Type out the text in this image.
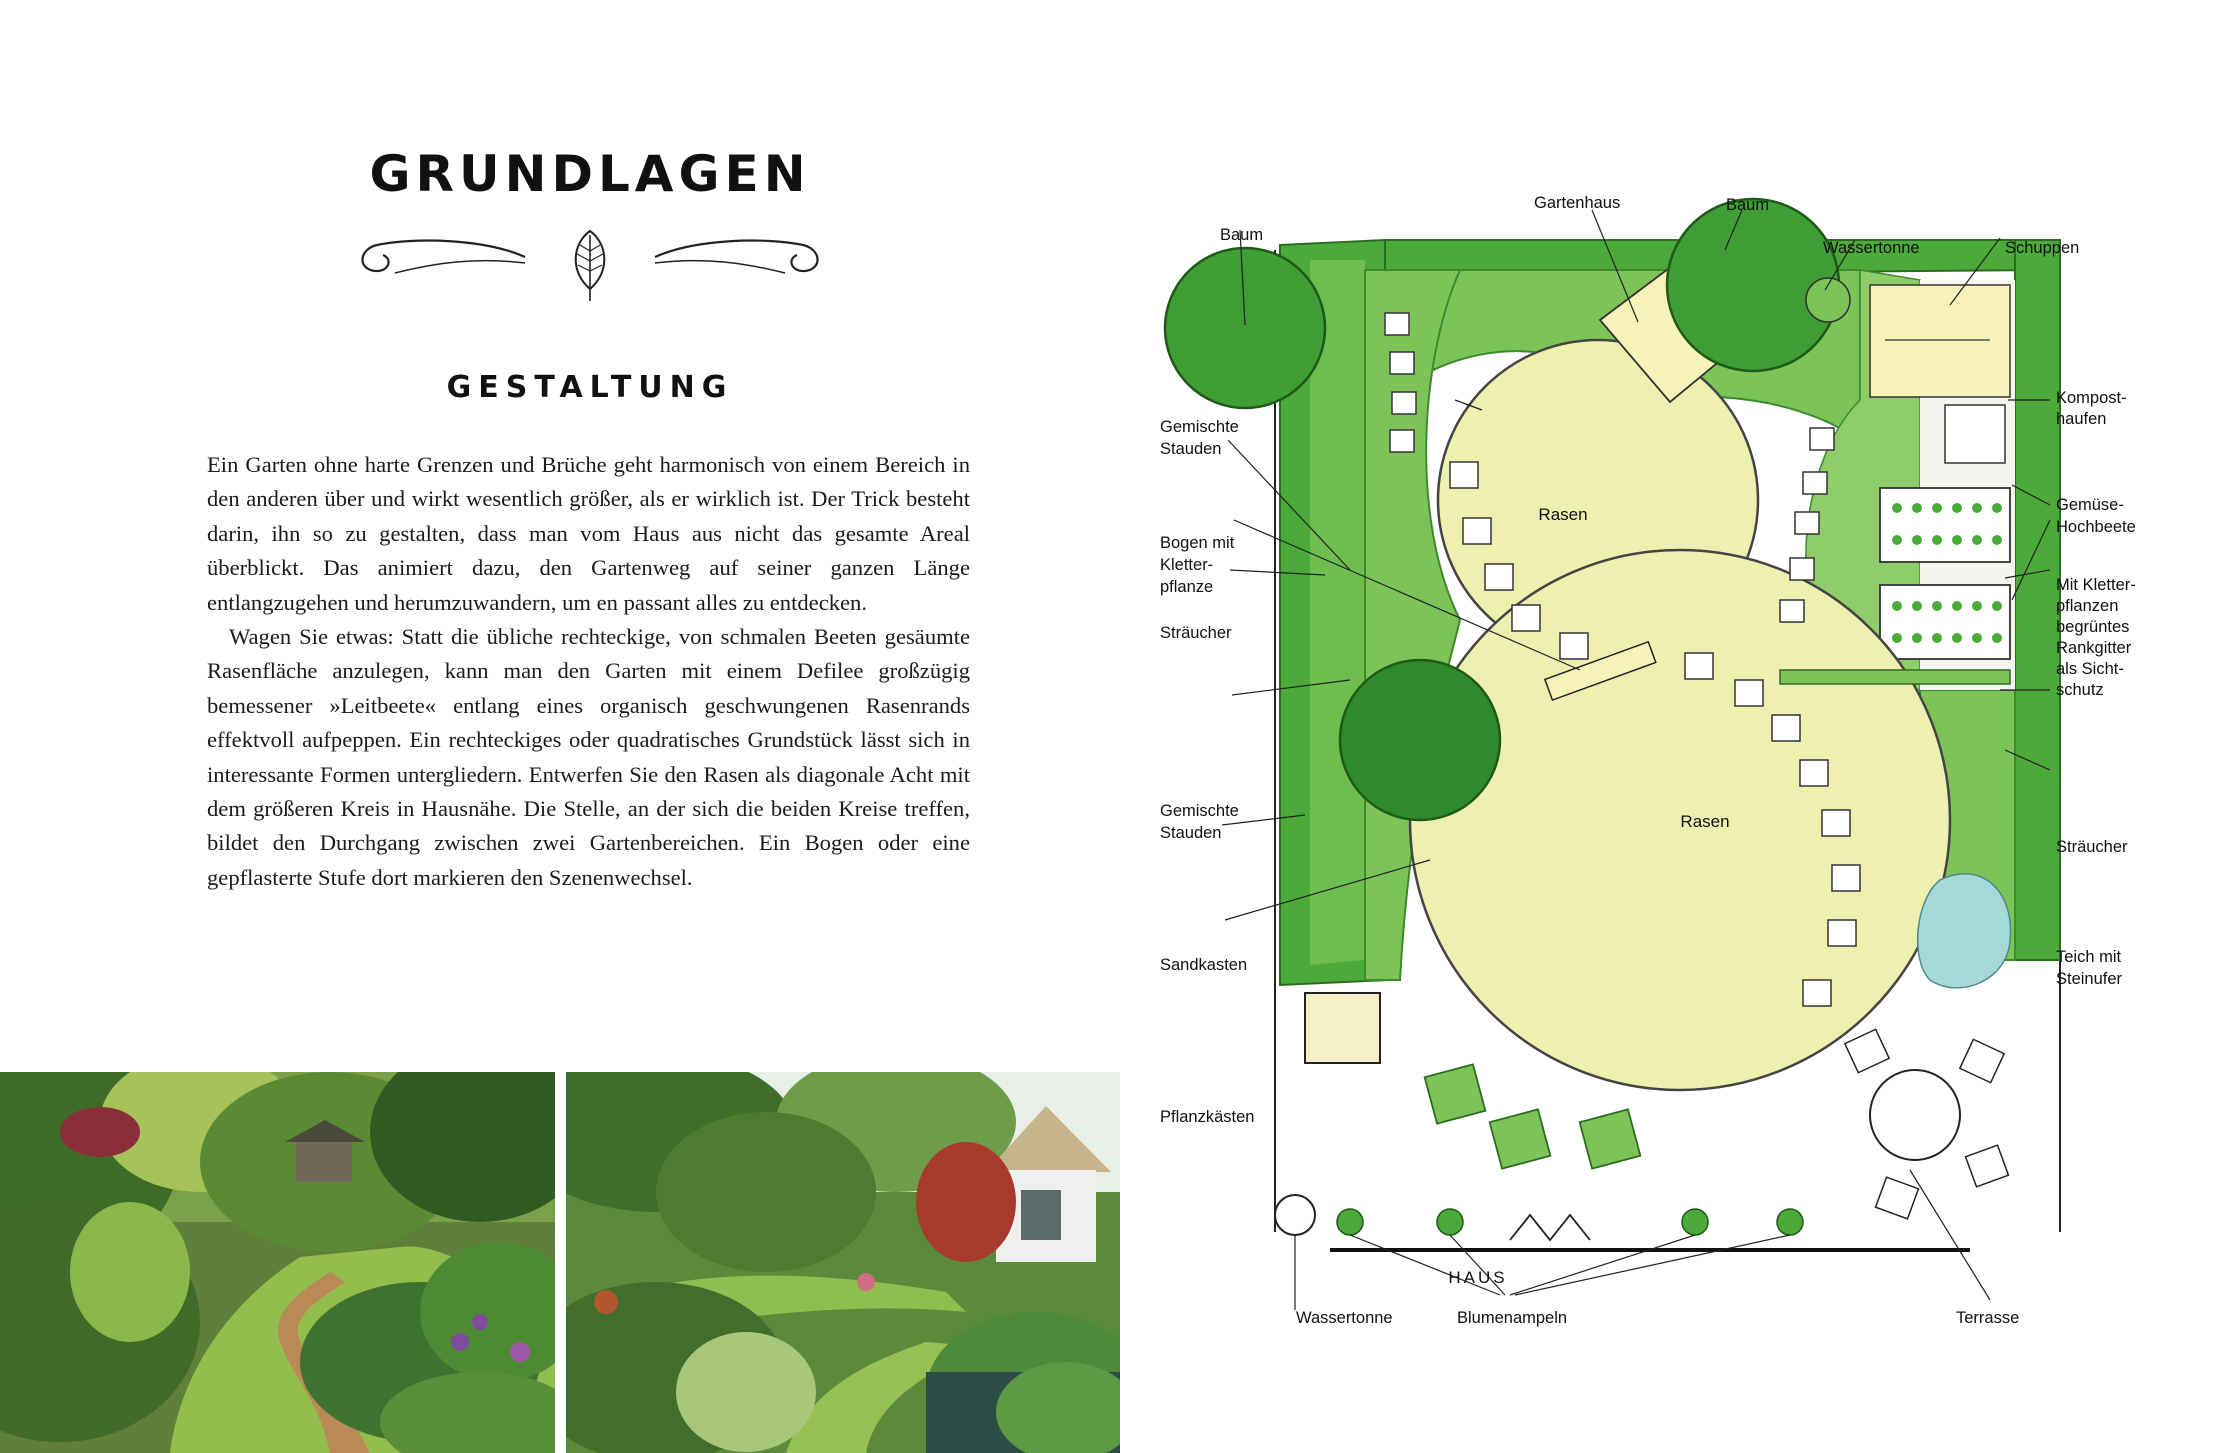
GRUNDLAGEN
GESTALTUNG

Ein Garten ohne harte Grenzen und Brüche geht harmonisch von einem Bereich in den anderen über und wirkt wesentlich größer, als er wirklich ist. Der Trick besteht darin, ihn so zu gestalten, dass man vom Haus aus nicht das gesamte Areal überblickt. Das animiert dazu, den Gartenweg auf seiner ganzen Länge entlangzugehen und herumzuwandern, um en passant alles zu entdecken.

Wagen Sie etwas: Statt die übliche rechteckige, von schmalen Beeten gesäumte Rasenfläche anzulegen, kann man den Garten mit einem Defilee großzügig bemessener »Leitbeete« entlang eines organisch geschwungenen Rasenrands effektvoll aufpeppen. Ein rechteckiges oder quadratisches Grundstück lässt sich in interessante Formen untergliedern. Entwerfen Sie den Rasen als diagonale Acht mit dem größeren Kreis in Hausnähe. Die Stelle, an der sich die beiden Kreise treffen, bildet den Durchgang zwischen zwei Gartenbereichen. Ein Bogen oder eine gepflasterte Stufe dort markieren den Szenenwechsel.

Gartenhaus	Baum
Baum
Wassertonne	Schuppen
Gemischte
Stauden
Bogen mit
Kletter-
pflanze
Sträucher
Gemischte
Stauden
Sandkasten
Pflanzkästen
Kompost-
haufen
Gemüse-
Hochbeete
Mit Kletter-
pflanzen
begrüntes
Rankgitter
als Sicht-
schutz
Sträucher
Teich mit
Steinufer
Rasen
Rasen
HAUS
Wassertonne	Blumenampeln	Terrasse
